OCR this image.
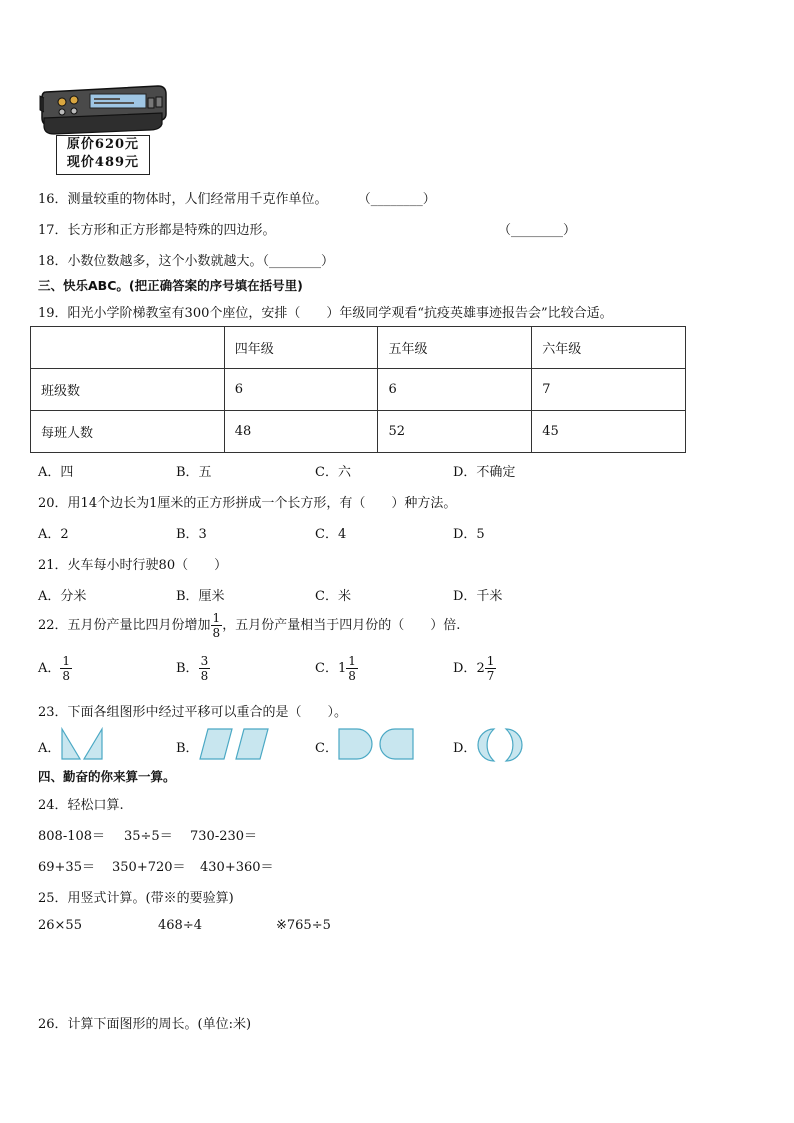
原价620元
现价489元
16．测量较重的物体时，人们经常用千克作单位。 （________）
17．长方形和正方形都是特殊的四边形。	（________）
18．小数位数越多，这个小数就越大。（________）
三、快乐ABC。(把正确答案的序号填在括号里)
19．阳光小学阶梯教室有300个座位，安排（　　）年级同学观看“抗疫英雄事迹报告会”比较合适。
	四年级	五年级	六年级
班级数	6	6	7
每班人数	48	52	45
A．四	B．五	C．六	D．不确定
20．用14个边长为1厘米的正方形拼成一个长方形，有（　　）种方法。
A．2	B．3	C．4	D．5
21．火车每小时行驶80（　　）
A．分米	B．厘米	C．米	D．千米
22．五月份产量比四月份增加 $\frac{1}{8}$ ，五月份产量相当于四月份的（　　）倍.
A． $\frac{1}{8}$	B． $\frac{3}{8}$	C．$1 \frac{1}{8}$	D．$2 \frac{1}{7}$
23．下面各组图形中经过平移可以重合的是（　　）。
A．	B．	C．	D．
四、勤奋的你来算一算。
24．轻松口算.
808-108＝ 35÷5＝ 730-230＝
69+35＝ 350+720＝ 430+360＝
25．用竖式计算。(带※的要验算)
26×55	468÷4	※765÷5
26．计算下面图形的周长。(单位:米)
